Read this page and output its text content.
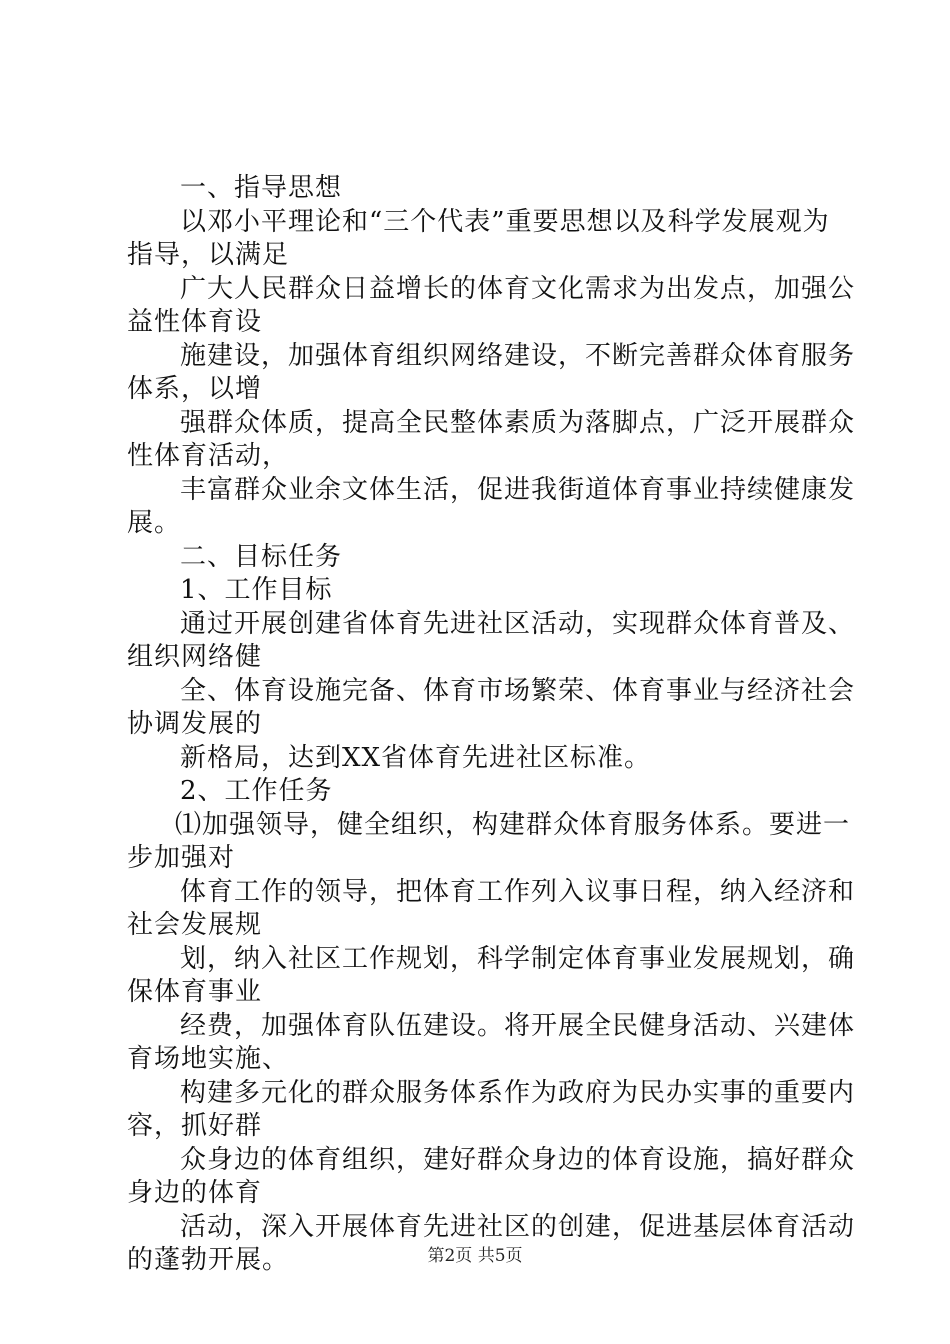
一、指导思想
以邓小平理论和“三个代表”重要思想以及科学发展观为
指导，以满足
广大人民群众日益增长的体育文化需求为出发点，加强公
益性体育设
施建设，加强体育组织网络建设，不断完善群众体育服务
体系，以增
强群众体质，提高全民整体素质为落脚点，广泛开展群众
性体育活动，
丰富群众业余文体生活，促进我街道体育事业持续健康发
展。
二、目标任务
1、工作目标
通过开展创建省体育先进社区活动，实现群众体育普及、
组织网络健
全、体育设施完备、体育市场繁荣、体育事业与经济社会
协调发展的
新格局，达到XX省体育先进社区标准。
2、工作任务
⑴加强领导，健全组织，构建群众体育服务体系。要进一
步加强对
体育工作的领导，把体育工作列入议事日程，纳入经济和
社会发展规
划，纳入社区工作规划，科学制定体育事业发展规划，确
保体育事业
经费，加强体育队伍建设。将开展全民健身活动、兴建体
育场地实施、
构建多元化的群众服务体系作为政府为民办实事的重要内
容，抓好群
众身边的体育组织，建好群众身边的体育设施，搞好群众
身边的体育
活动，深入开展体育先进社区的创建，促进基层体育活动
的蓬勃开展。	第2页 共5页
